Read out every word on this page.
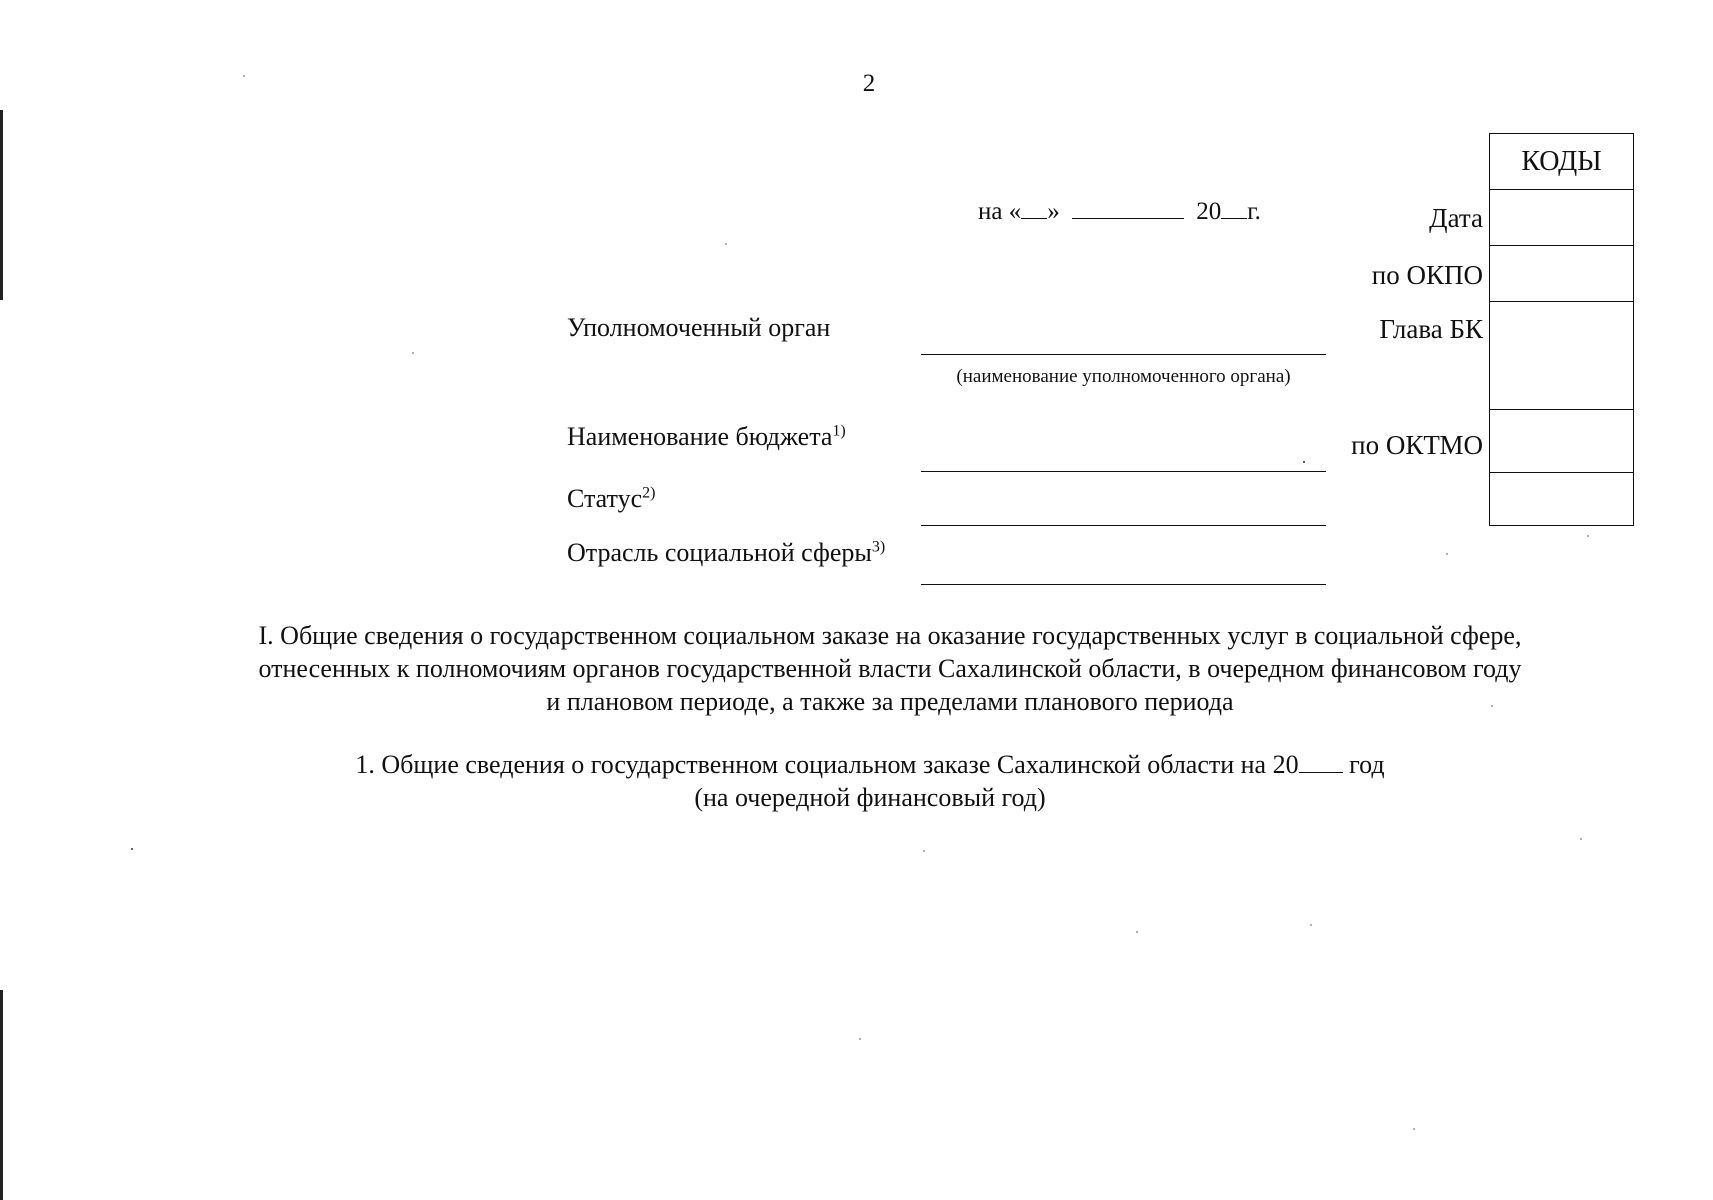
2
на « »	20 г.
КОДЫ
Дата
по ОКПО
Глава БК
по ОКТМО
Уполномоченный орган
(наименование уполномоченного органа)
Наименование бюджета$^{1)}$
Статус$^{2)}$
Отрасль социальной сферы$^{3)}$
I. Общие сведения о государственном социальном заказе на оказание государственных услуг в социальной сфере,
отнесенных к полномочиям органов государственной власти Сахалинской области, в очередном финансовом году
и плановом периоде, а также за пределами планового периода
1. Общие сведения о государственном социальном заказе Сахалинской области на 20 год
(на очередной финансовый год)
